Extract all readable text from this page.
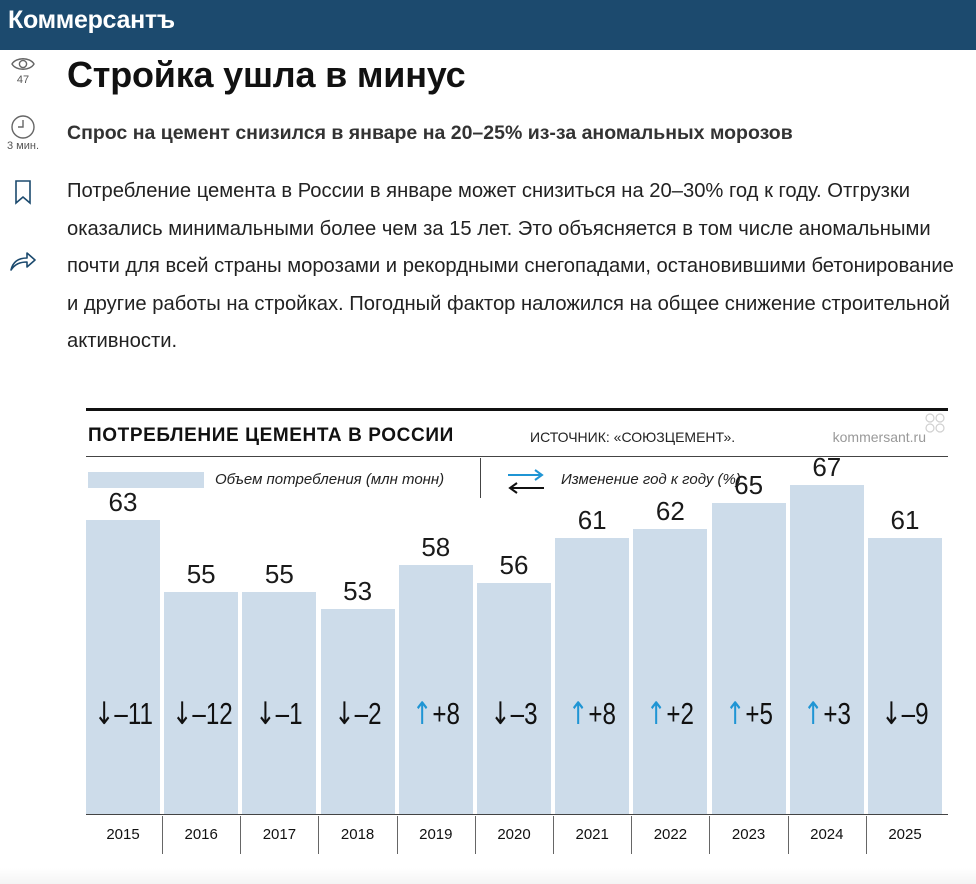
Коммерсантъ
47
3 мин.
Стройка ушла в минус
Спрос на цемент снизился в январе на 20–25% из-за аномальных морозов

Потребление цемента в России в январе может снизиться на 20–30% год к году. Отгрузки оказались минимальными более чем за 15 лет. Это объясняется в том числе аномальными почти для всей страны морозами и рекордными снегопадами, остановившими бетонирование и другие работы на стройках. Погодный фактор наложился на общее снижение строительной активности.

ПОТРЕБЛЕНИЕ ЦЕМЕНТА В РОССИИ	ИСТОЧНИК: «СОЮЗЦЕМЕНТ».	kommersant.ru
Объем потребления (млн тонн)	Изменение год к году (%)
63
↓–11
2015
55
↓–12
2016
55
↓–1
2017
53
↓–2
2018
58
↑+8
2019
56
↓–3
2020
61
↑+8
2021
62
↑+2
2022
65
↑+5
2023
67
↑+3
2024
61
↓–9
2025
